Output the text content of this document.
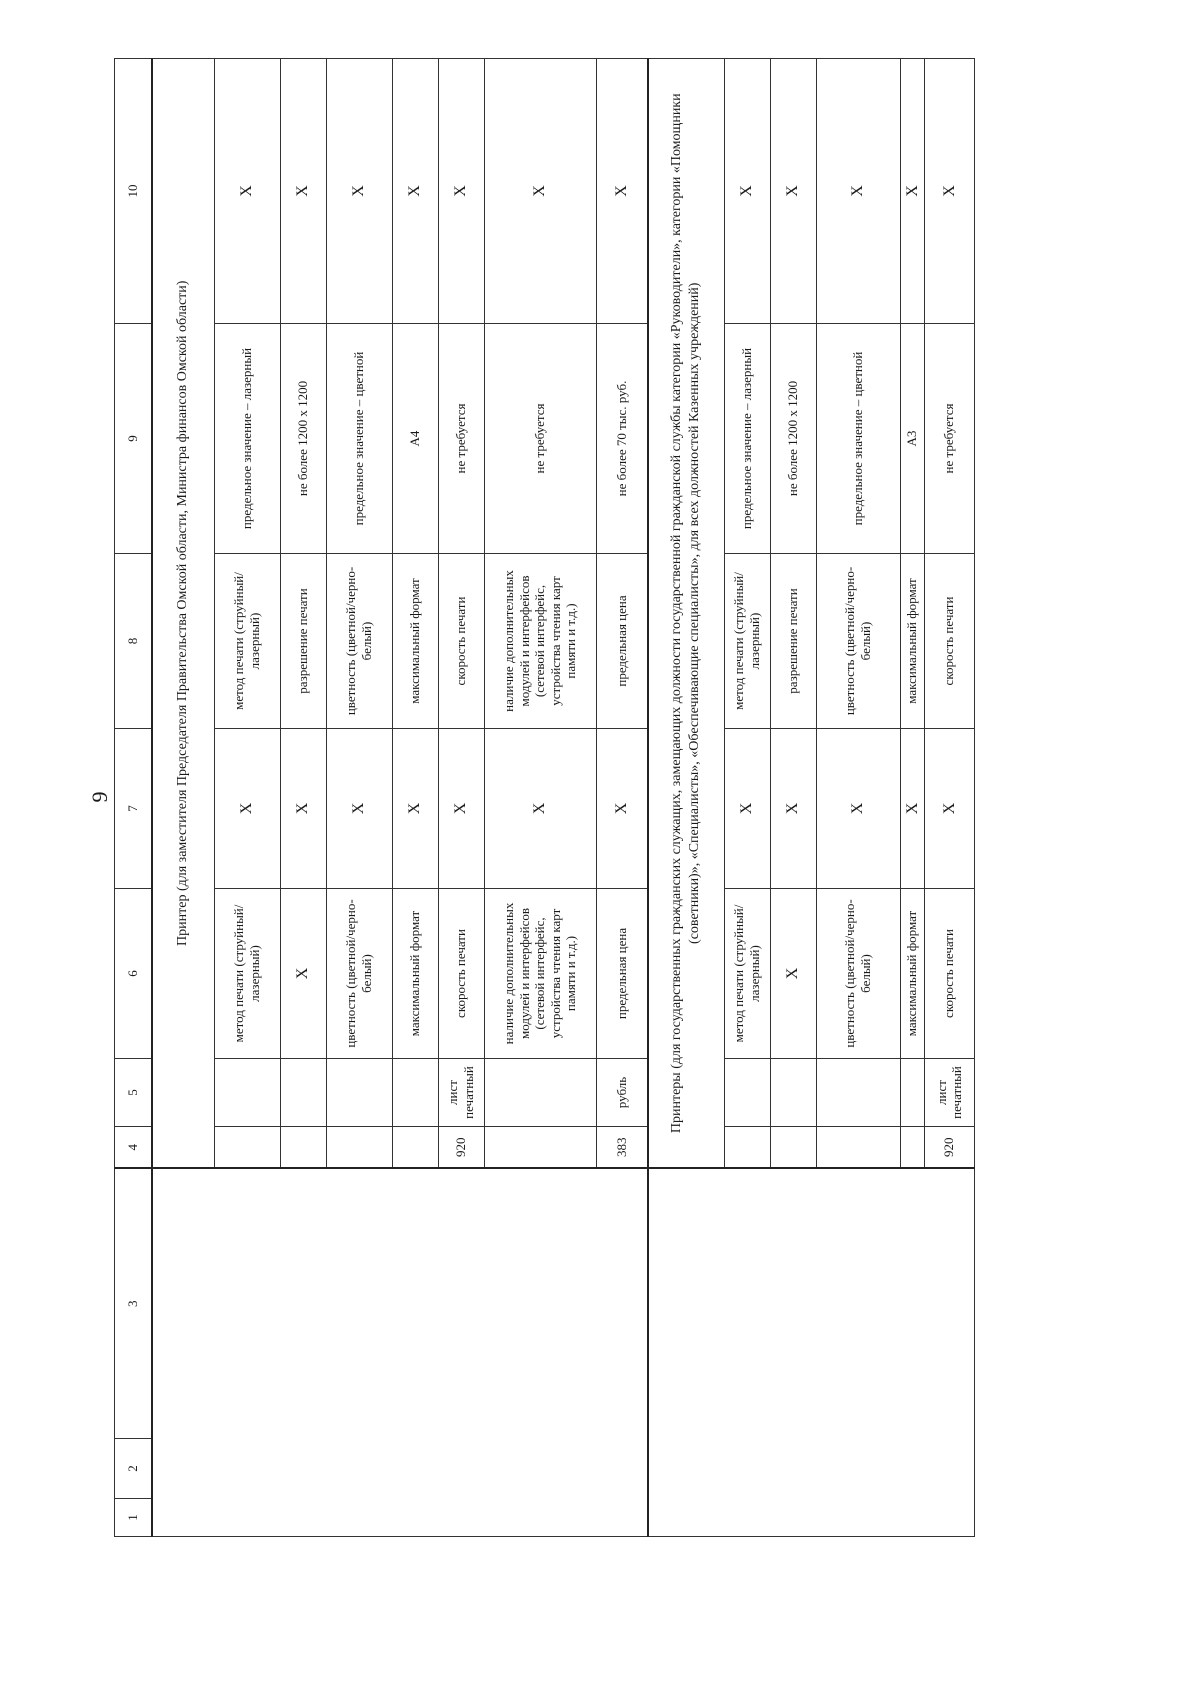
9
1	2	3	4	5	6	7	8	9	10
			Принтер (для заместителя Председателя Правительства Омской области, Министра финансов Омской области)						
					метод печати (струйный/лазерный)	X	метод печати (струйный/лазерный)	предельное значение – лазерный	X
					X	X	разрешение печати	не более 1200 х 1200	X
					цветность (цветной/черно-белый)	X	цветность (цветной/черно-белый)	предельное значение – цветной	X
					максимальный формат	X	максимальный формат	А4	X
			920	лист печатный	скорость печати	X	скорость печати	не требуется	X
					наличие дополнительных модулей и интерфейсов (сетевой интерфейс, устройства чтения карт памяти и т.д.)	X	наличие дополнительных модулей и интерфейсов (сетевой интерфейс, устройства чтения карт памяти и т.д.)	не требуется	X
			383	рубль	предельная цена	X	предельная цена	не более 70 тыс. руб.	X
			Принтеры (для государственных гражданских служащих, замещающих должности государственной гражданской службы категории «Руководители», категории «Помощники (советники)», «Специалисты», «Обеспечивающие специалисты», для всех должностей Казенных учреждений)						
					метод печати (струйный/лазерный)	X	метод печати (струйный/лазерный)	предельное значение – лазерный	X
					X	X	разрешение печати	не более 1200 х 1200	X
					цветность (цветной/черно-белый)	X	цветность (цветной/черно-белый)	предельное значение – цветной	X
					максимальный формат	X	максимальный формат	А3	X
			920	лист печатный	скорость печати	X	скорость печати	не требуется	X
